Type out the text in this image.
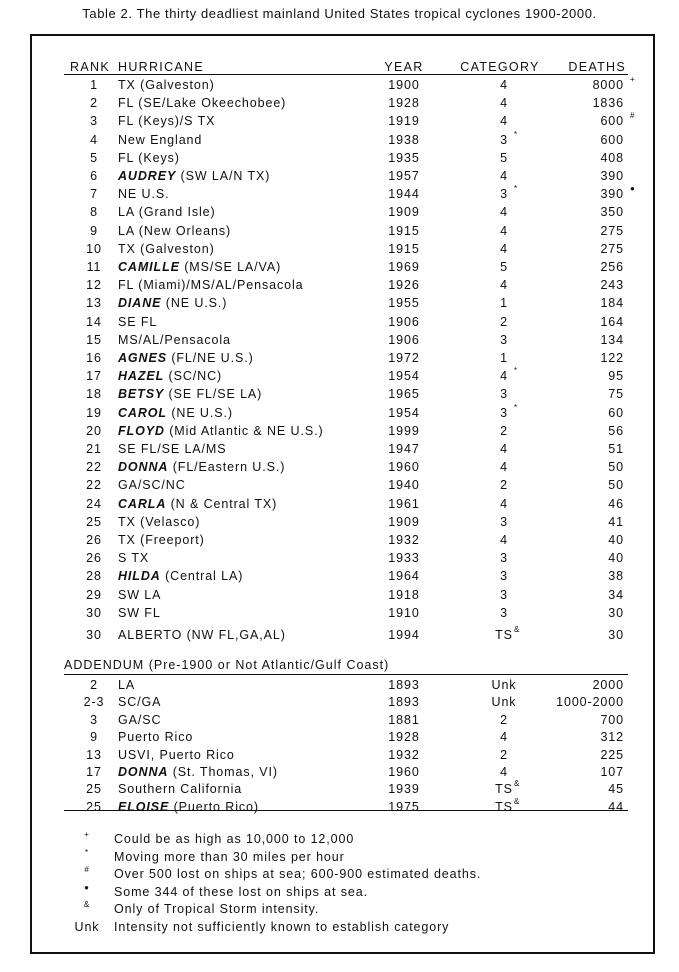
Table 2. The thirty deadliest mainland United States tropical cyclones 1900-2000.
RANK HURRICANE	YEAR	CATEGORY	DEATHS
1	TX (Galveston)	1900	4	8000 +
2	FL (SE/Lake Okeechobee)	1928	4	1836
3	FL (Keys)/S TX	1919	4	600 #
4	New England	1938	3 *	600
5	FL (Keys)	1935	5	408
6	AUDREY (SW LA/N TX)	1957	4	390
7	NE U.S.	1944	3 *	390 ●
8	LA (Grand Isle)	1909	4	350
9	LA (New Orleans)	1915	4	275
10	TX (Galveston)	1915	4	275
11	CAMILLE (MS/SE LA/VA)	1969	5	256
12	FL (Miami)/MS/AL/Pensacola	1926	4	243
13	DIANE (NE U.S.)	1955	1	184
14	SE FL	1906	2	164
15	MS/AL/Pensacola	1906	3	134
16	AGNES (FL/NE U.S.)	1972	1	122
17	HAZEL (SC/NC)	1954	4 *	95
18	BETSY (SE FL/SE LA)	1965	3	75
19	CAROL (NE U.S.)	1954	3 *	60
20	FLOYD (Mid Atlantic & NE U.S.)	1999	2	56
21	SE FL/SE LA/MS	1947	4	51
22	DONNA (FL/Eastern U.S.)	1960	4	50
22	GA/SC/NC	1940	2	50
24	CARLA (N & Central TX)	1961	4	46
25	TX (Velasco)	1909	3	41
26	TX (Freeport)	1932	4	40
26	S TX	1933	3	40
28	HILDA (Central LA)	1964	3	38
29	SW LA	1918	3	34
30	SW FL	1910	3	30
30	ALBERTO (NW FL,GA,AL)	1994	TS &	30
ADDENDUM (Pre-1900 or Not Atlantic/Gulf Coast)
2	LA	1893	Unk	2000
2-3	SC/GA	1893	Unk	1000-2000
3	GA/SC	1881	2	700
9	Puerto Rico	1928	4	312
13	USVI, Puerto Rico	1932	2	225
17	DONNA (St. Thomas, VI)	1960	4	107
25	Southern California	1939	TS &	45
25	ELOISE (Puerto Rico)	1975	TS &	44
+	Could be as high as 10,000 to 12,000
*	Moving more than 30 miles per hour
#	Over 500 lost on ships at sea; 600-900 estimated deaths.
●	Some 344 of these lost on ships at sea.
&	Only of Tropical Storm intensity.
Unk Intensity not sufficiently known to establish category
